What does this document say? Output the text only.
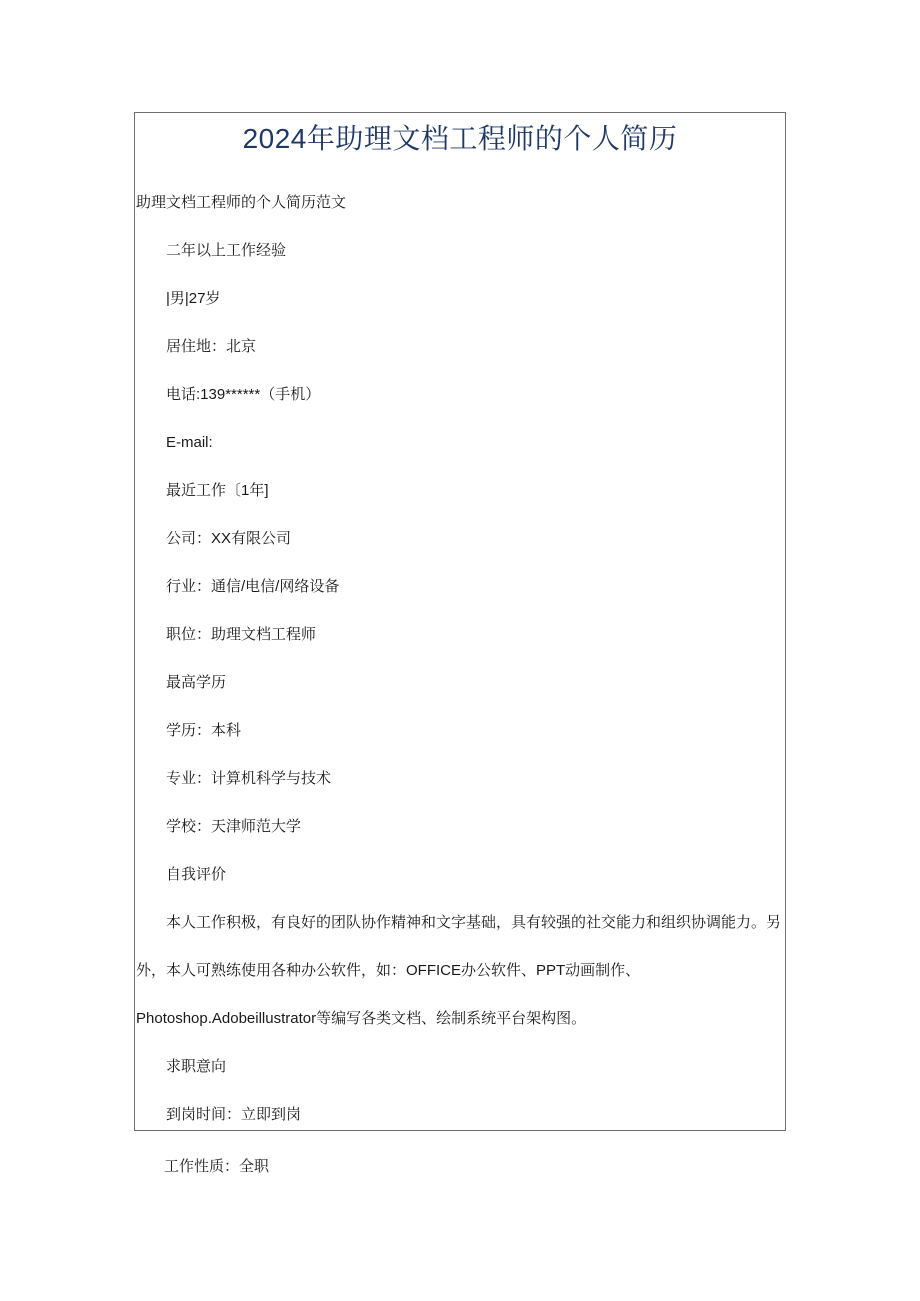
2024年助理文档工程师的个人简历
助理文档工程师的个人简历范文
二年以上工作经验
|男|27岁
居住地：北京
电话:139******（手机）
E-mail:
最近工作〔1年]
公司：XX有限公司
行业：通信/电信/网络设备
职位：助理文档工程师
最高学历
学历：本科
专业：计算机科学与技术
学校：天津师范大学
自我评价
本人工作积极，有良好的团队协作精神和文字基础，具有较强的社交能力和组织协调能力。另外，本人可熟练使用各种办公软件，如：OFFICE办公软件、PPT动画制作、Photoshop.Adobeillustrator等编写各类文档、绘制系统平台架构图。
求职意向
到岗时间：立即到岗
工作性质：全职
